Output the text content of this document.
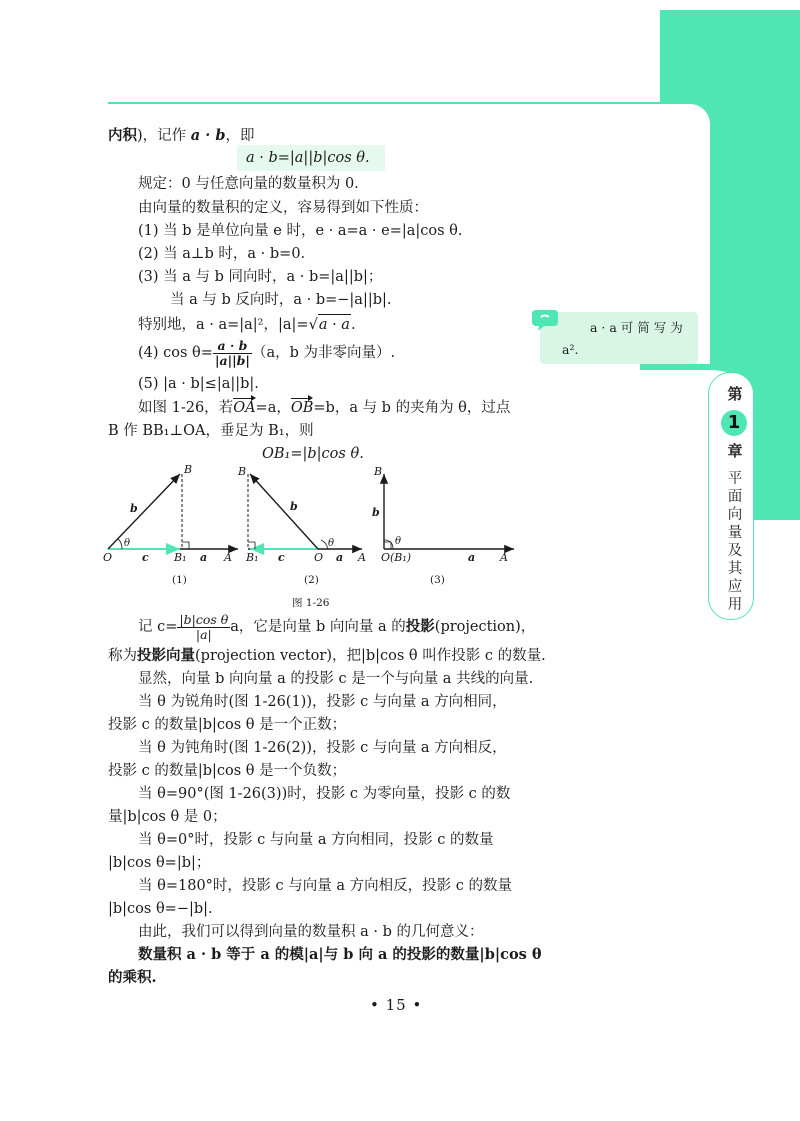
第
1
章
平
面
向
量
及
其
应
用
a · a 可 简 写 为
a².
内积)，记作 a · b，即
a · b=|a||b|cos θ.
规定：0 与任意向量的数量积为 0.
由向量的数量积的定义，容易得到如下性质：
(1) 当 b 是单位向量 e 时，e · a=a · e=|a|cos θ.
(2) 当 a⊥b 时，a · b=0.
(3) 当 a 与 b 同向时，a · b=|a||b|；
当 a 与 b 反向时，a · b=−|a||b|.
特别地，a · a=|a|²，|a|=√a · a.
(4) $\cos \theta= \frac{a \cdot b}{|a||b|} (a$，b 为非零向量）.
(5) |a · b|≤|a||b|.
如图 1-26，若OA=a，OB=b，a 与 b 的夹角为 θ，过点
B 作 BB₁⊥OA，垂足为 B₁，则
OB₁=|b|cos θ.
O	A
B
B₁
b
c	a
θ
B
B₁	O	A
b
c	a
θ
B
O(B₁)	A
b
a
θ
(1)	(2)	(3)
图 1-26
记 $c= \frac{\text{|b|cos θ}}{|a|}$ a，它是向量 b 向向量 a 的投影(projection)，
称为投影向量(projection vector)，把|b|cos θ 叫作投影 c 的数量.
显然，向量 b 向向量 a 的投影 c 是一个与向量 a 共线的向量.
当 θ 为锐角时(图 1-26(1))，投影 c 与向量 a 方向相同，
投影 c 的数量|b|cos θ 是一个正数；
当 θ 为钝角时(图 1-26(2))，投影 c 与向量 a 方向相反，
投影 c 的数量|b|cos θ 是一个负数；
当 θ=90°(图 1-26(3))时，投影 c 为零向量，投影 c 的数
量|b|cos θ 是 0；
当 θ=0°时，投影 c 与向量 a 方向相同，投影 c 的数量
|b|cos θ=|b|；
当 θ=180°时，投影 c 与向量 a 方向相反，投影 c 的数量
|b|cos θ=−|b|.
由此，我们可以得到向量的数量积 a · b 的几何意义：
数量积 a · b 等于 a 的模|a|与 b 向 a 的投影的数量|b|cos θ
的乘积.
• 15 •
